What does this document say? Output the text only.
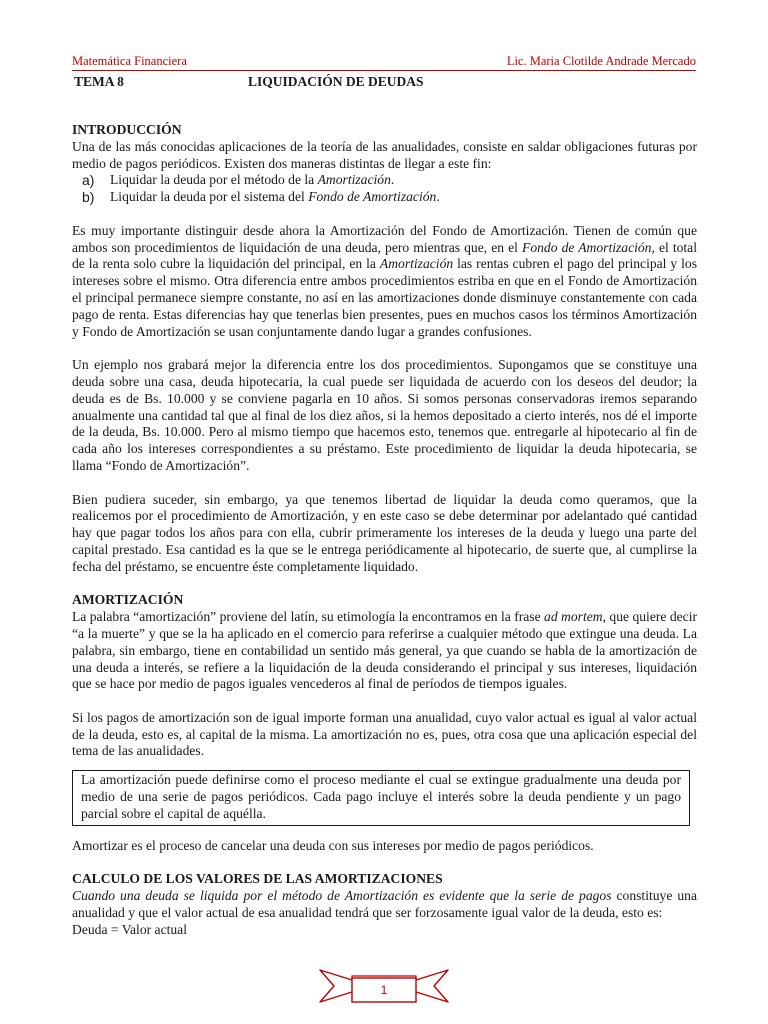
Matemática Financiera	Lic. Maria Clotilde Andrade Mercado
TEMA 8	LIQUIDACIÓN DE DEUDAS

INTRODUCCIÓN

Una de las más conocidas aplicaciones de la teoría de las anualidades, consiste en saldar obligaciones futuras por medio de pagos periódicos. Existen dos maneras distintas de llegar a este fin:

a)	Liquidar la deuda por el método de la Amortización.
b)	Liquidar la deuda por el sistema del Fondo de Amortización.

Es muy importante distinguir desde ahora la Amortización del Fondo de Amortización. Tienen de común que ambos son procedimientos de liquidación de una deuda, pero mientras que, en el Fondo de Amortización, el total de la renta solo cubre la liquidación del principal, en la Amortización las rentas cubren el pago del principal y los intereses sobre el mismo. Otra diferencia entre ambos procedimientos estriba en que en el Fondo de Amortización el principal permanece siempre constante, no así en las amortizaciones donde disminuye constantemente con cada pago de renta. Estas diferencias hay que tenerlas bien presentes, pues en muchos casos los términos Amortización y Fondo de Amortización se usan conjuntamente dando lugar a grandes confusiones.

Un ejemplo nos grabará mejor la diferencia entre los dos procedimientos. Supongamos que se constituye una deuda sobre una casa, deuda hipotecaria, la cual puede ser liquidada de acuerdo con los deseos del deudor; la deuda es de Bs. 10.000 y se conviene pagarla en 10 años. Si somos personas conservadoras iremos separando anualmente una cantidad tal que al final de los diez años, si la hemos depositado a cierto interés, nos dé el importe de la deuda, Bs. 10.000. Pero al mismo tiempo que hacemos esto, tenemos que. entregarle al hipotecario al fin de cada año los intereses correspondientes a su préstamo. Este procedimiento de liquidar la deuda hipotecaria, se llama “Fondo de Amortización”.

Bien pudiera suceder, sin embargo, ya que tenemos libertad de liquidar la deuda como queramos, que la realicemos por el procedimiento de Amortización, y en este caso se debe determinar por adelantado qué cantidad hay que pagar todos los años para con ella, cubrir primeramente los intereses de la deuda y luego una parte del capital prestado. Esa cantidad es la que se le entrega periódicamente al hipotecario, de suerte que, al cumplirse la fecha del préstamo, se encuentre éste completamente liquidado.

AMORTIZACIÓN

La palabra “amortización” proviene del latín, su etimología la encontramos en la frase ad mortem, que quiere decir “a la muerte” y que se la ha aplicado en el comercio para referirse a cualquier método que extingue una deuda. La palabra, sin embargo, tiene en contabilidad un sentido más general, ya que cuando se habla de la amortización de una deuda a interés, se refiere a la liquidación de la deuda considerando el principal y sus intereses, liquidación que se hace por medio de pagos iguales vencederos al final de períodos de tiempos iguales.

Si los pagos de amortización son de igual importe forman una anualidad, cuyo valor actual es igual al valor actual de la deuda, esto es, al capital de la misma. La amortización no es, pues, otra cosa que una aplicación especial del tema de las anualidades.

La amortización puede definirse como el proceso mediante el cual se extingue gradualmente una deuda por medio de una serie de pagos periódicos. Cada pago incluye el interés sobre la deuda pendiente y un pago parcial sobre el capital de aquélla.

Amortizar es el proceso de cancelar una deuda con sus intereses por medio de pagos periódicos.

CALCULO DE LOS VALORES DE LAS AMORTIZACIONES

Cuando una deuda se liquida por el método de Amortización es evidente que la serie de pagos constituye una anualidad y que el valor actual de esa anualidad tendrá que ser forzosamente igual valor de la deuda, esto es:

Deuda = Valor actual

1
